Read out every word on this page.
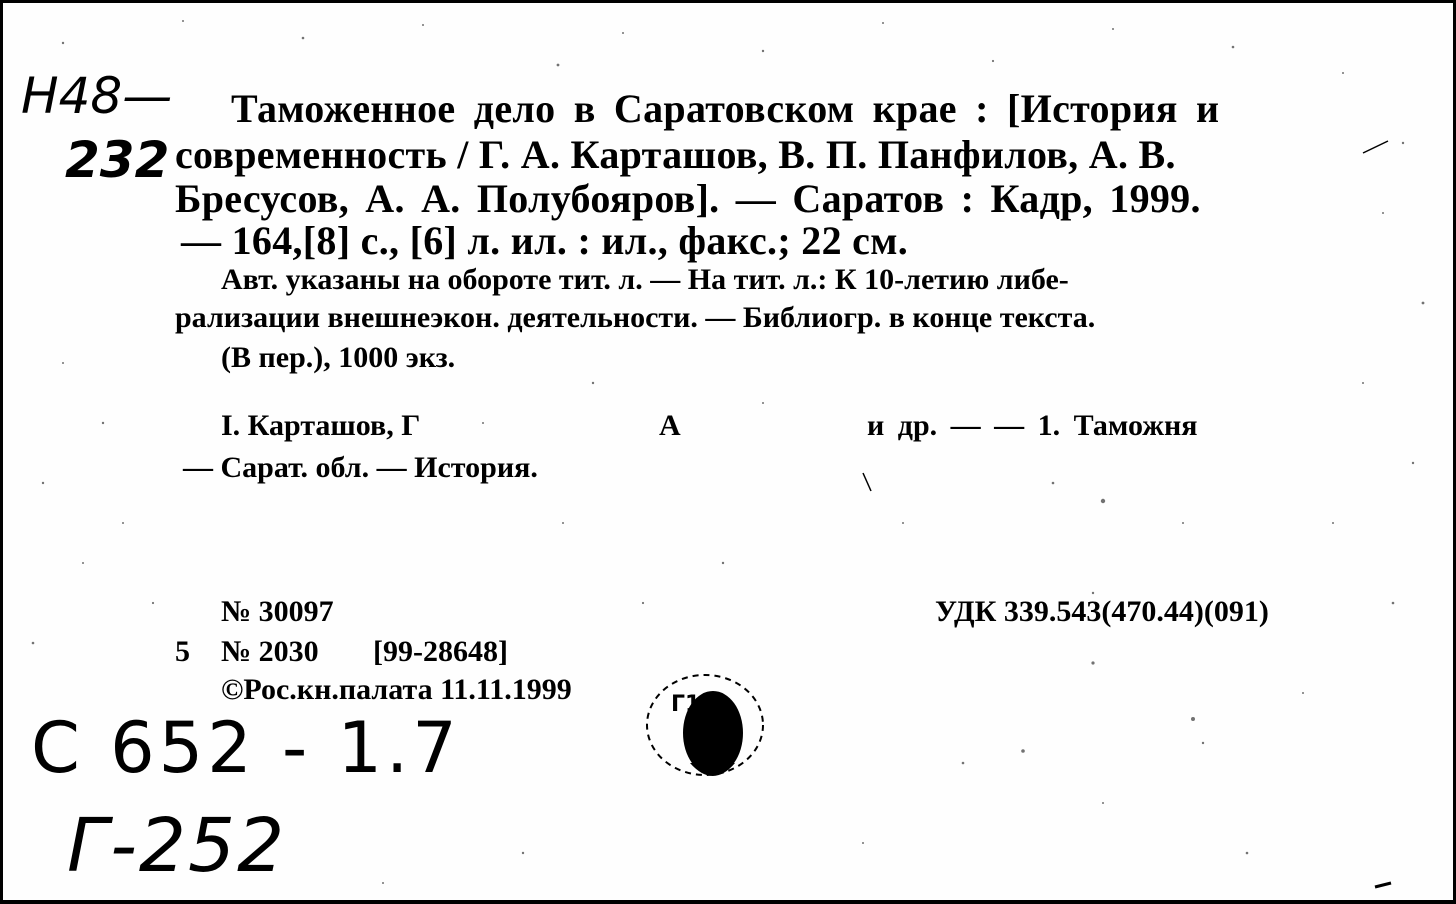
Н48—
232
Таможенное дело в Саратовском крае : [История и
современность / Г. А. Карташов, В. П. Панфилов, А. В.
Бресусов, А. А. Полубояров]. — Саратов : Кадр, 1999.
— 164,[8] с., [6] л. ил. : ил., факс.; 22 см.
Авт. указаны на обороте тит. л. — На тит. л.: К 10-летию либе-
рализации внешнеэкон. деятельности. — Библиогр. в конце текста.
(В пер.), 1000 экз.
I. Карташов, Г	А	и др. — — 1. Таможня
— Сарат. обл. — История.
№ 30097
5 № 2030 [99-28648]
©Рос.кн.палата 11.11.1999
УДК 339.543(470.44)(091)
Г1
С 652 - 1.7
Г-252
